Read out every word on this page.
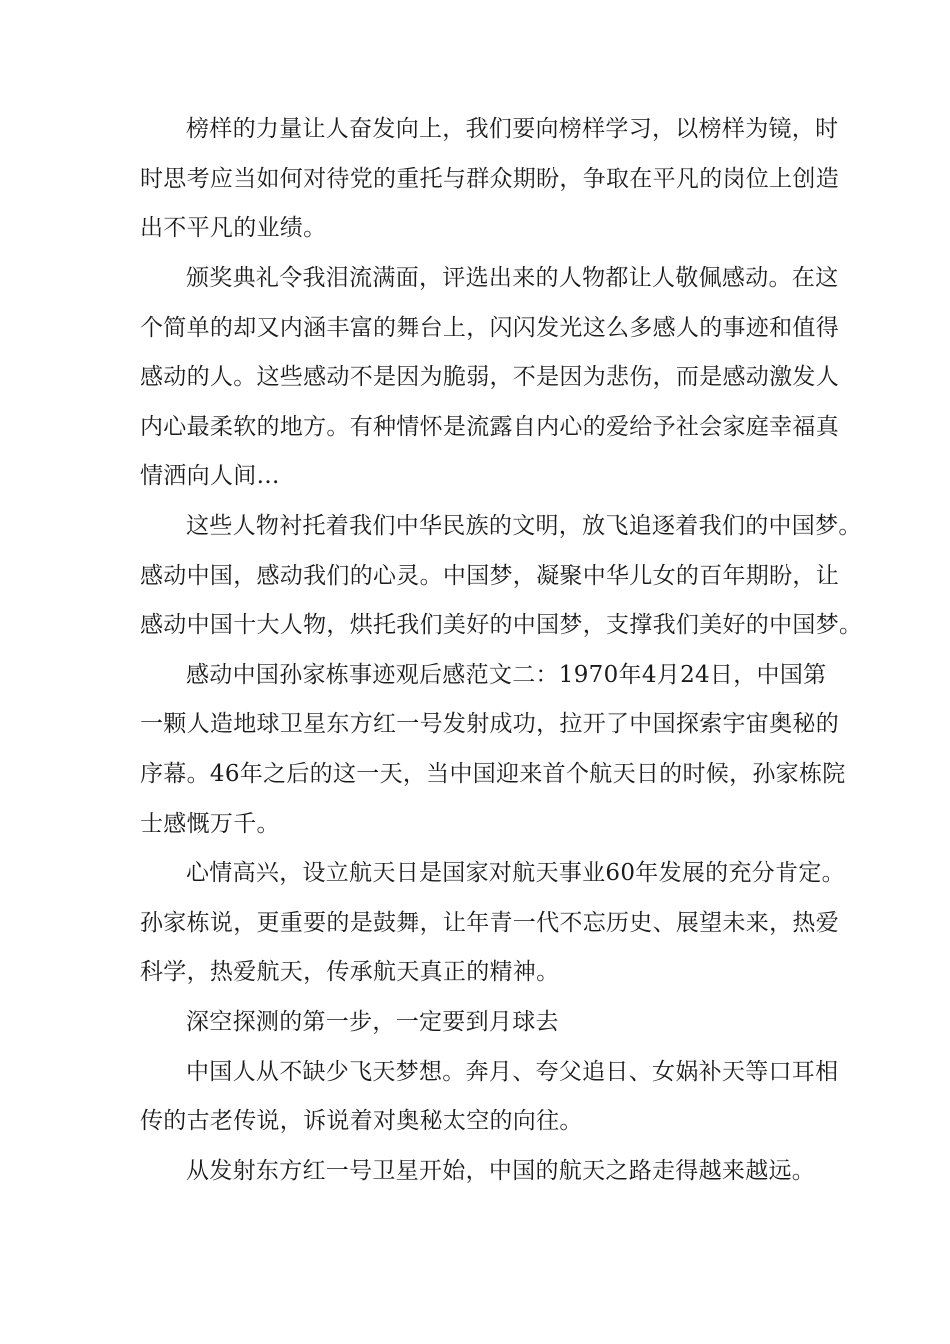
榜样的力量让人奋发向上，我们要向榜样学习，以榜样为镜，时
时思考应当如何对待党的重托与群众期盼，争取在平凡的岗位上创造
出不平凡的业绩。
颁奖典礼令我泪流满面，评选出来的人物都让人敬佩感动。在这
个简单的却又内涵丰富的舞台上，闪闪发光这么多感人的事迹和值得
感动的人。这些感动不是因为脆弱，不是因为悲伤，而是感动激发人
内心最柔软的地方。有种情怀是流露自内心的爱给予社会家庭幸福真
情洒向人间…
这些人物衬托着我们中华民族的文明，放飞追逐着我们的中国梦。
感动中国，感动我们的心灵。中国梦，凝聚中华儿女的百年期盼，让
感动中国十大人物，烘托我们美好的中国梦，支撑我们美好的中国梦。
感动中国孙家栋事迹观后感范文二：1970年4月24日，中国第
一颗人造地球卫星东方红一号发射成功，拉开了中国探索宇宙奥秘的
序幕。46年之后的这一天，当中国迎来首个航天日的时候，孙家栋院
士感慨万千。
心情高兴，设立航天日是国家对航天事业60年发展的充分肯定。
孙家栋说，更重要的是鼓舞，让年青一代不忘历史、展望未来，热爱
科学，热爱航天，传承航天真正的精神。
深空探测的第一步，一定要到月球去
中国人从不缺少飞天梦想。奔月、夸父追日、女娲补天等口耳相
传的古老传说，诉说着对奥秘太空的向往。
从发射东方红一号卫星开始，中国的航天之路走得越来越远。
